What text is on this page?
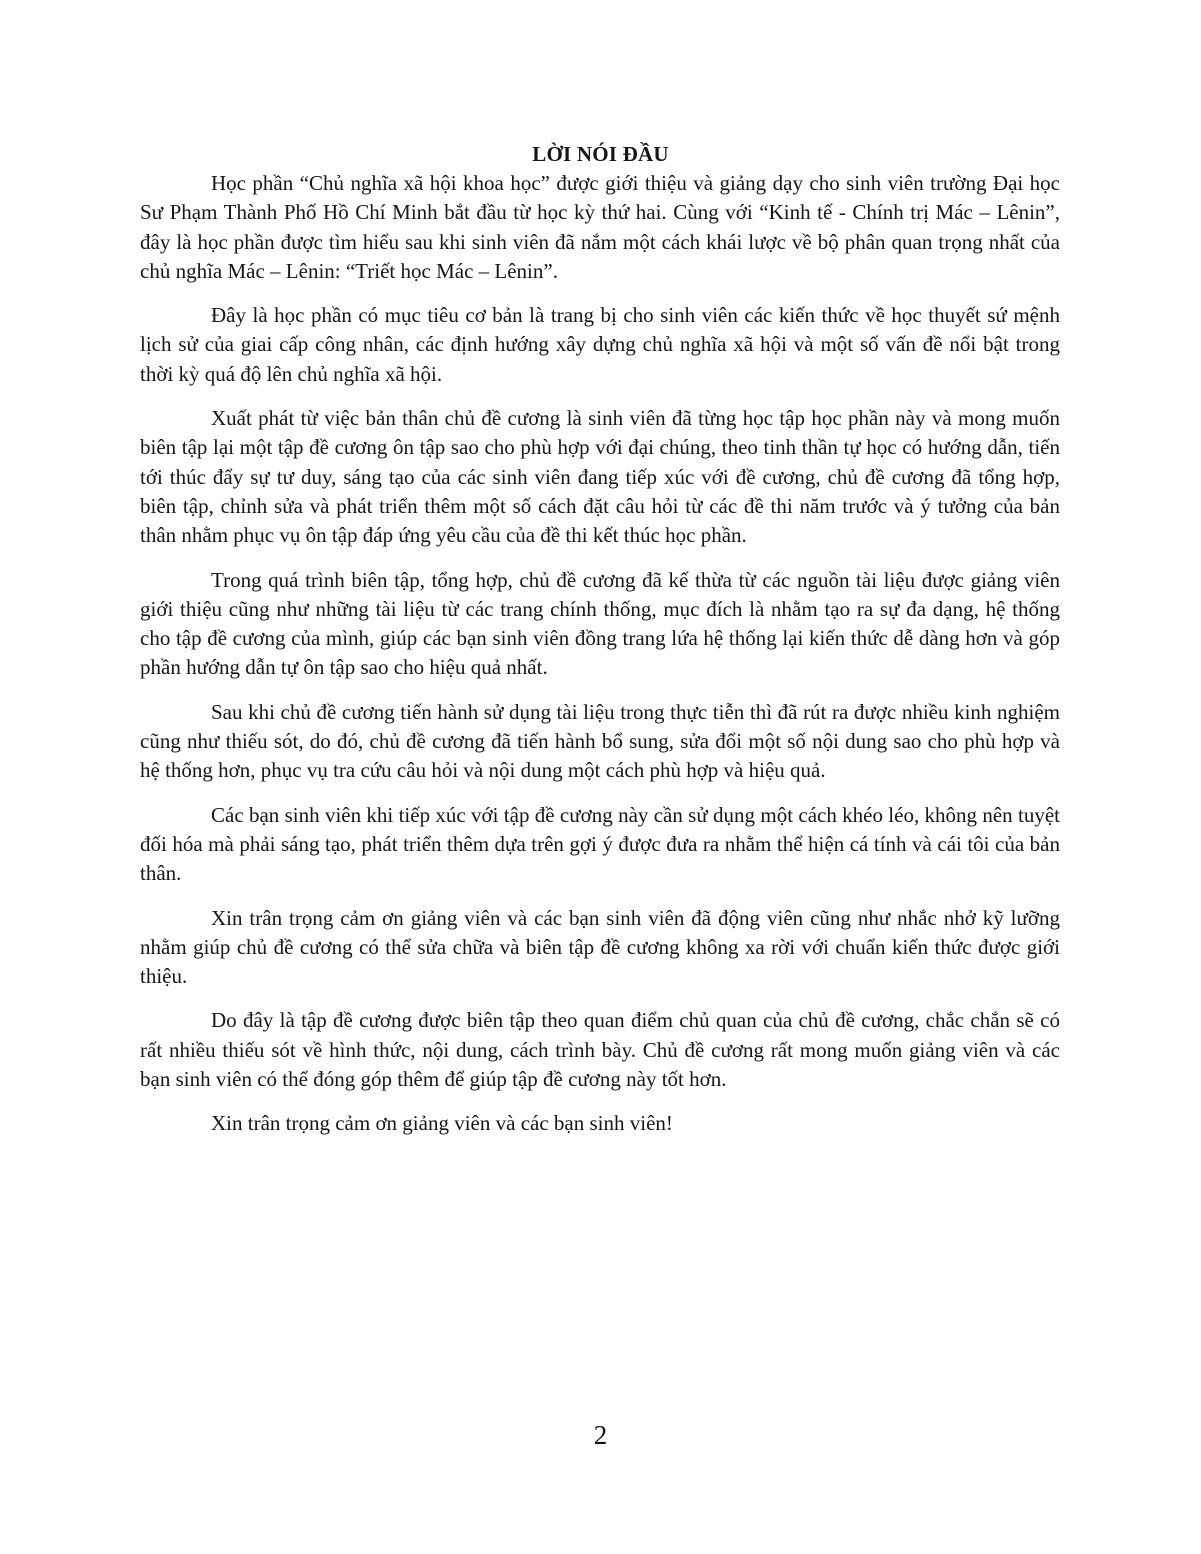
LỜI NÓI ĐẦU

Học phần “Chủ nghĩa xã hội khoa học” được giới thiệu và giảng dạy cho sinh viên trường Đại học Sư Phạm Thành Phố Hồ Chí Minh bắt đầu từ học kỳ thứ hai. Cùng với “Kinh tế - Chính trị Mác – Lênin”, đây là học phần được tìm hiểu sau khi sinh viên đã nắm một cách khái lược về bộ phân quan trọng nhất của chủ nghĩa Mác – Lênin: “Triết học Mác – Lênin”.

Đây là học phần có mục tiêu cơ bản là trang bị cho sinh viên các kiến thức về học thuyết sứ mệnh lịch sử của giai cấp công nhân, các định hướng xây dựng chủ nghĩa xã hội và một số vấn đề nổi bật trong thời kỳ quá độ lên chủ nghĩa xã hội.

Xuất phát từ việc bản thân chủ đề cương là sinh viên đã từng học tập học phần này và mong muốn biên tập lại một tập đề cương ôn tập sao cho phù hợp với đại chúng, theo tinh thần tự học có hướng dẫn, tiến tới thúc đẩy sự tư duy, sáng tạo của các sinh viên đang tiếp xúc với đề cương, chủ đề cương đã tổng hợp, biên tập, chỉnh sửa và phát triển thêm một số cách đặt câu hỏi từ các đề thi năm trước và ý tưởng của bản thân nhằm phục vụ ôn tập đáp ứng yêu cầu của đề thi kết thúc học phần.

Trong quá trình biên tập, tổng hợp, chủ đề cương đã kế thừa từ các nguồn tài liệu được giảng viên giới thiệu cũng như những tài liệu từ các trang chính thống, mục đích là nhằm tạo ra sự đa dạng, hệ thống cho tập đề cương của mình, giúp các bạn sinh viên đồng trang lứa hệ thống lại kiến thức dễ dàng hơn và góp phần hướng dẫn tự ôn tập sao cho hiệu quả nhất.

Sau khi chủ đề cương tiến hành sử dụng tài liệu trong thực tiễn thì đã rút ra được nhiều kinh nghiệm cũng như thiếu sót, do đó, chủ đề cương đã tiến hành bổ sung, sửa đổi một số nội dung sao cho phù hợp và hệ thống hơn, phục vụ tra cứu câu hỏi và nội dung một cách phù hợp và hiệu quả.

Các bạn sinh viên khi tiếp xúc với tập đề cương này cần sử dụng một cách khéo léo, không nên tuyệt đối hóa mà phải sáng tạo, phát triển thêm dựa trên gợi ý được đưa ra nhằm thể hiện cá tính và cái tôi của bản thân.

Xin trân trọng cảm ơn giảng viên và các bạn sinh viên đã động viên cũng như nhắc nhở kỹ lưỡng nhằm giúp chủ đề cương có thể sửa chữa và biên tập đề cương không xa rời với chuẩn kiến thức được giới thiệu.

Do đây là tập đề cương được biên tập theo quan điểm chủ quan của chủ đề cương, chắc chắn sẽ có rất nhiều thiếu sót về hình thức, nội dung, cách trình bày. Chủ đề cương rất mong muốn giảng viên và các bạn sinh viên có thể đóng góp thêm để giúp tập đề cương này tốt hơn.

Xin trân trọng cảm ơn giảng viên và các bạn sinh viên!

2
